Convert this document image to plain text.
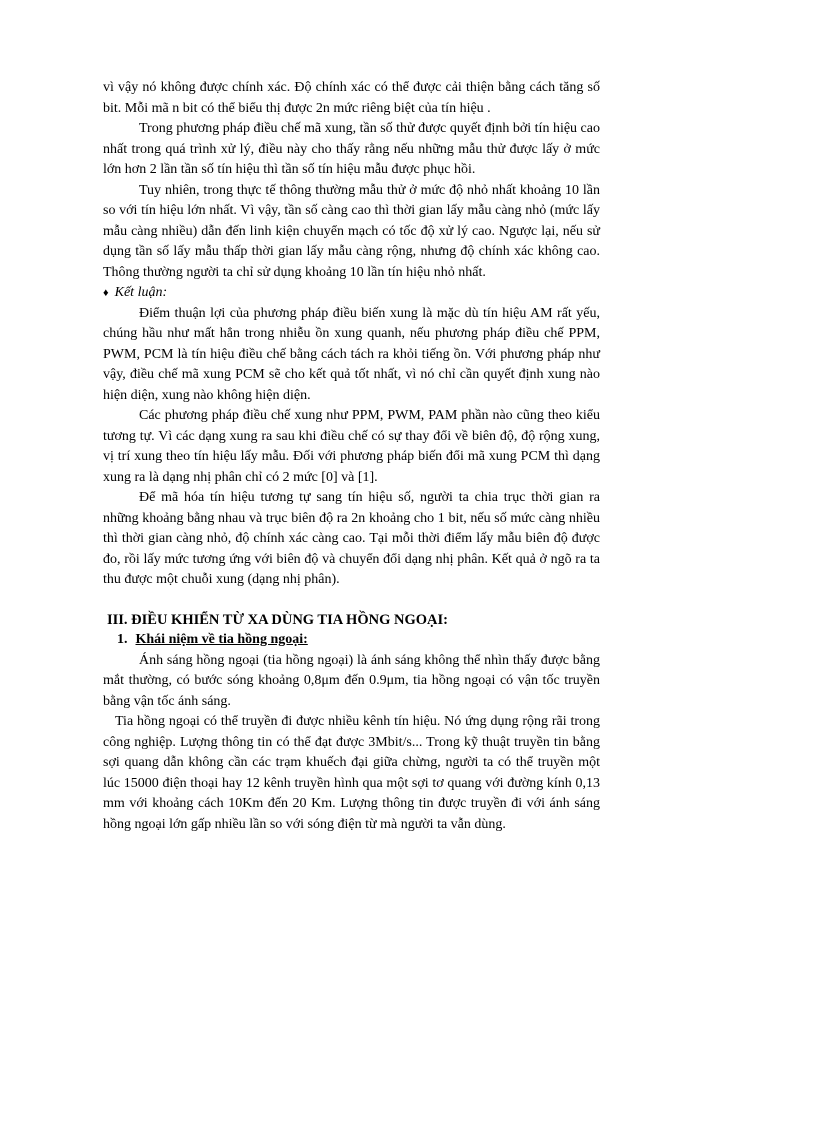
vì vậy nó không được chính xác. Độ chính xác có thể được cải thiện bằng cách tăng số bit. Mỗi mã n bit có thể biểu thị được 2n mức riêng biệt của tín hiệu .

Trong phương pháp điều chế mã xung, tần số thử được quyết định bởi tín hiệu cao nhất trong quá trình xử lý, điều này cho thấy rằng nếu những mẫu thử được lấy ở mức lớn hơn 2 lần tần số tín hiệu thì tần số tín hiệu mẫu được phục hồi.

Tuy nhiên, trong thực tế thông thường mẫu thử ở mức độ nhỏ nhất khoảng 10 lần so với tín hiệu lớn nhất. Vì vậy, tần số càng cao thì thời gian lấy mẫu càng nhỏ (mức lấy mẫu càng nhiều) dẫn đến linh kiện chuyển mạch có tốc độ xử lý cao. Ngược lại, nếu sử dụng tần số lấy mẫu thấp thời gian lấy mẫu càng rộng, nhưng độ chính xác không cao. Thông thường người ta chỉ sử dụng khoảng 10 lần tín hiệu nhỏ nhất.

♦ Kết luận:

Điểm thuận lợi của phương pháp điều biến xung là mặc dù tín hiệu AM rất yếu, chúng hầu như mất hẳn trong nhiễu ồn xung quanh, nếu phương pháp điều chế PPM, PWM, PCM là tín hiệu điều chế bằng cách tách ra khỏi tiếng ồn. Với phương pháp như vậy, điều chế mã xung PCM sẽ cho kết quả tốt nhất, vì nó chỉ cần quyết định xung nào hiện diện, xung nào không hiện diện.

Các phương pháp điều chế xung như PPM, PWM, PAM phần nào cũng theo kiểu tương tự. Vì các dạng xung ra sau khi điều chế có sự thay đổi về biên độ, độ rộng xung, vị trí xung theo tín hiệu lấy mẫu. Đối với phương pháp biến đổi mã xung PCM thì dạng xung ra là dạng nhị phân chỉ có 2 mức [0] và [1].

Để mã hóa tín hiệu tương tự sang tín hiệu số, người ta chia trục thời gian ra những khoảng bằng nhau và trục biên độ ra 2n khoảng cho 1 bit, nếu số mức càng nhiều thì thời gian càng nhỏ, độ chính xác càng cao. Tại mỗi thời điểm lấy mẫu biên độ được đo, rồi lấy mức tương ứng với biên độ và chuyển đổi dạng nhị phân. Kết quả ở ngõ ra ta thu được một chuỗi xung (dạng nhị phân).

III. ĐIỀU KHIỂN TỪ XA DÙNG TIA HỒNG NGOẠI:

1. Khái niệm về tia hồng ngoại:

Ánh sáng hồng ngoại (tia hồng ngoại) là ánh sáng không thể nhìn thấy được bằng mắt thường, có bước sóng khoảng 0,8μm đến 0.9μm, tia hồng ngoại có vận tốc truyền bằng vận tốc ánh sáng.

Tia hồng ngoại có thể truyền đi được nhiều kênh tín hiệu. Nó ứng dụng rộng rãi trong công nghiệp. Lượng thông tin có thể đạt được 3Mbit/s... Trong kỹ thuật truyền tin bằng sợi quang dẫn không cần các trạm khuếch đại giữa chừng, người ta có thể truyền một lúc 15000 điện thoại hay 12 kênh truyền hình qua một sợi tơ quang với đường kính 0,13 mm với khoảng cách 10Km đến 20 Km. Lượng thông tin được truyền đi với ánh sáng hồng ngoại lớn gấp nhiều lần so với sóng điện từ mà người ta vẫn dùng.
